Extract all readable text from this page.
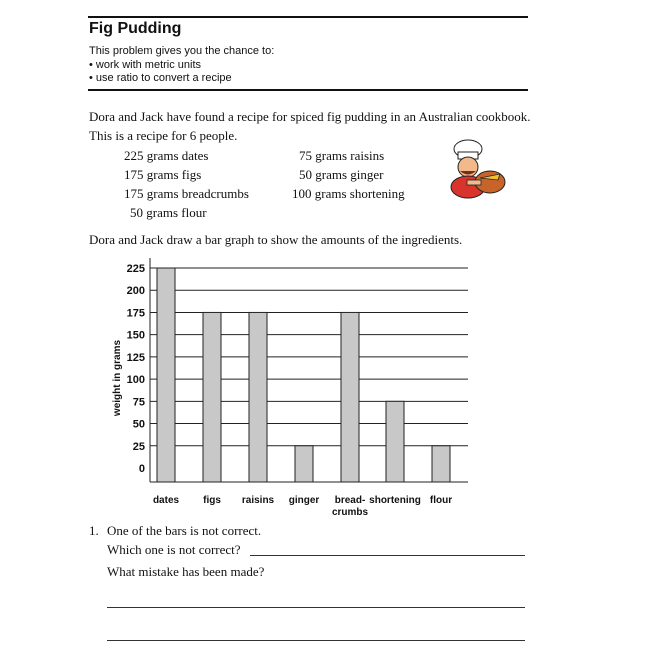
Fig Pudding
This problem gives you the chance to:
• work with metric units
• use ratio to convert a recipe
Dora and Jack have found a recipe for spiced fig pudding in an Australian cookbook.
This is a recipe for 6 people.
225 grams dates
175 grams figs
175 grams breadcrumbs
50 grams flour
75 grams raisins
50 grams ginger
100 grams shortening
Dora and Jack draw a bar graph to show the amounts of the ingredients.
0
25
50
75
100
125
150
175
200
225
weight in grams
dates figs raisins ginger bread-
crumbs
shortening flour
1. One of the bars is not correct.
Which one is not correct?
What mistake has been made?
